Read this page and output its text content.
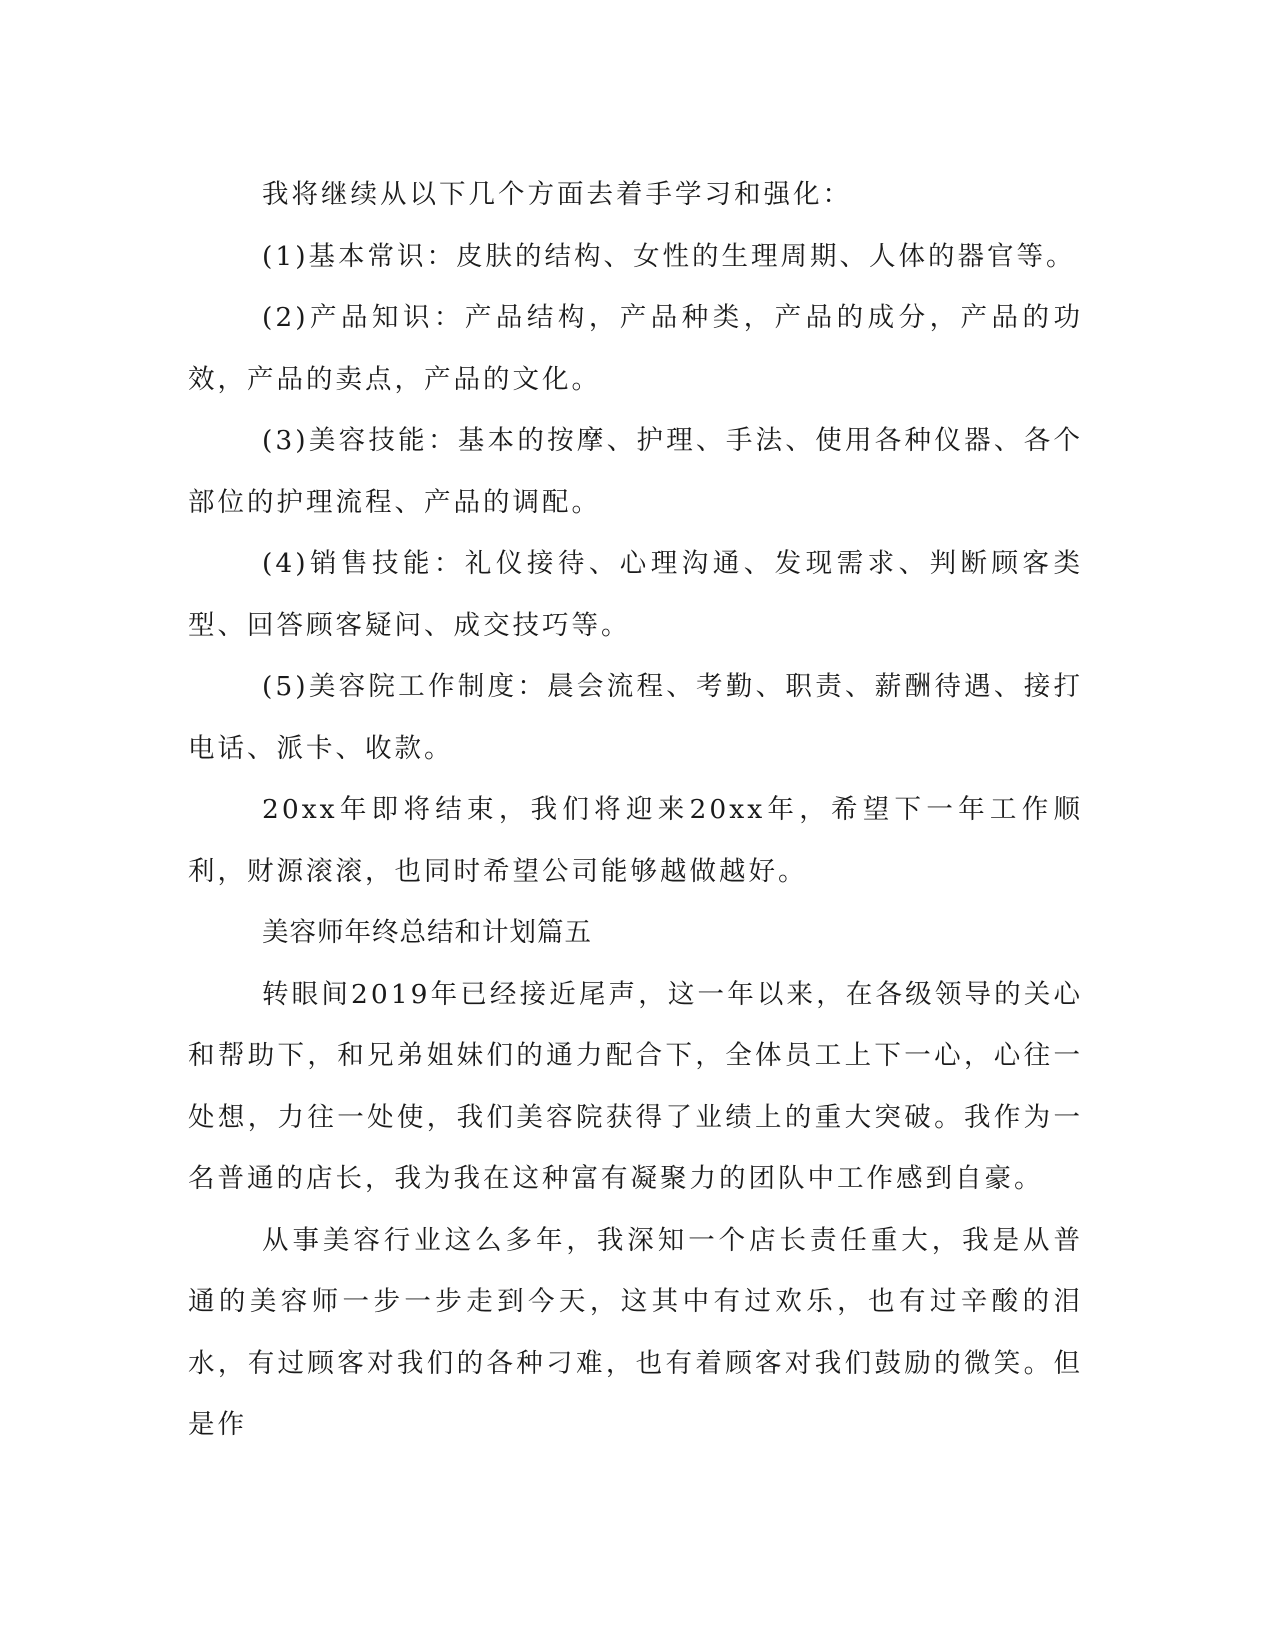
我将继续从以下几个方面去着手学习和强化：

(1)基本常识：皮肤的结构、女性的生理周期、人体的器官等。

(2)产品知识：产品结构，产品种类，产品的成分，产品的功效，产品的卖点，产品的文化。

(3)美容技能：基本的按摩、护理、手法、使用各种仪器、各个部位的护理流程、产品的调配。

(4)销售技能：礼仪接待、心理沟通、发现需求、判断顾客类型、回答顾客疑问、成交技巧等。

(5)美容院工作制度：晨会流程、考勤、职责、薪酬待遇、接打电话、派卡、收款。

20xx年即将结束，我们将迎来20xx年，希望下一年工作顺利，财源滚滚，也同时希望公司能够越做越好。

美容师年终总结和计划篇五

转眼间2019年已经接近尾声，这一年以来，在各级领导的关心和帮助下，和兄弟姐妹们的通力配合下，全体员工上下一心，心往一处想，力往一处使，我们美容院获得了业绩上的重大突破。我作为一名普通的店长，我为我在这种富有凝聚力的团队中工作感到自豪。

从事美容行业这么多年，我深知一个店长责任重大，我是从普通的美容师一步一步走到今天，这其中有过欢乐，也有过辛酸的泪水，有过顾客对我们的各种刁难，也有着顾客对我们鼓励的微笑。但是作
